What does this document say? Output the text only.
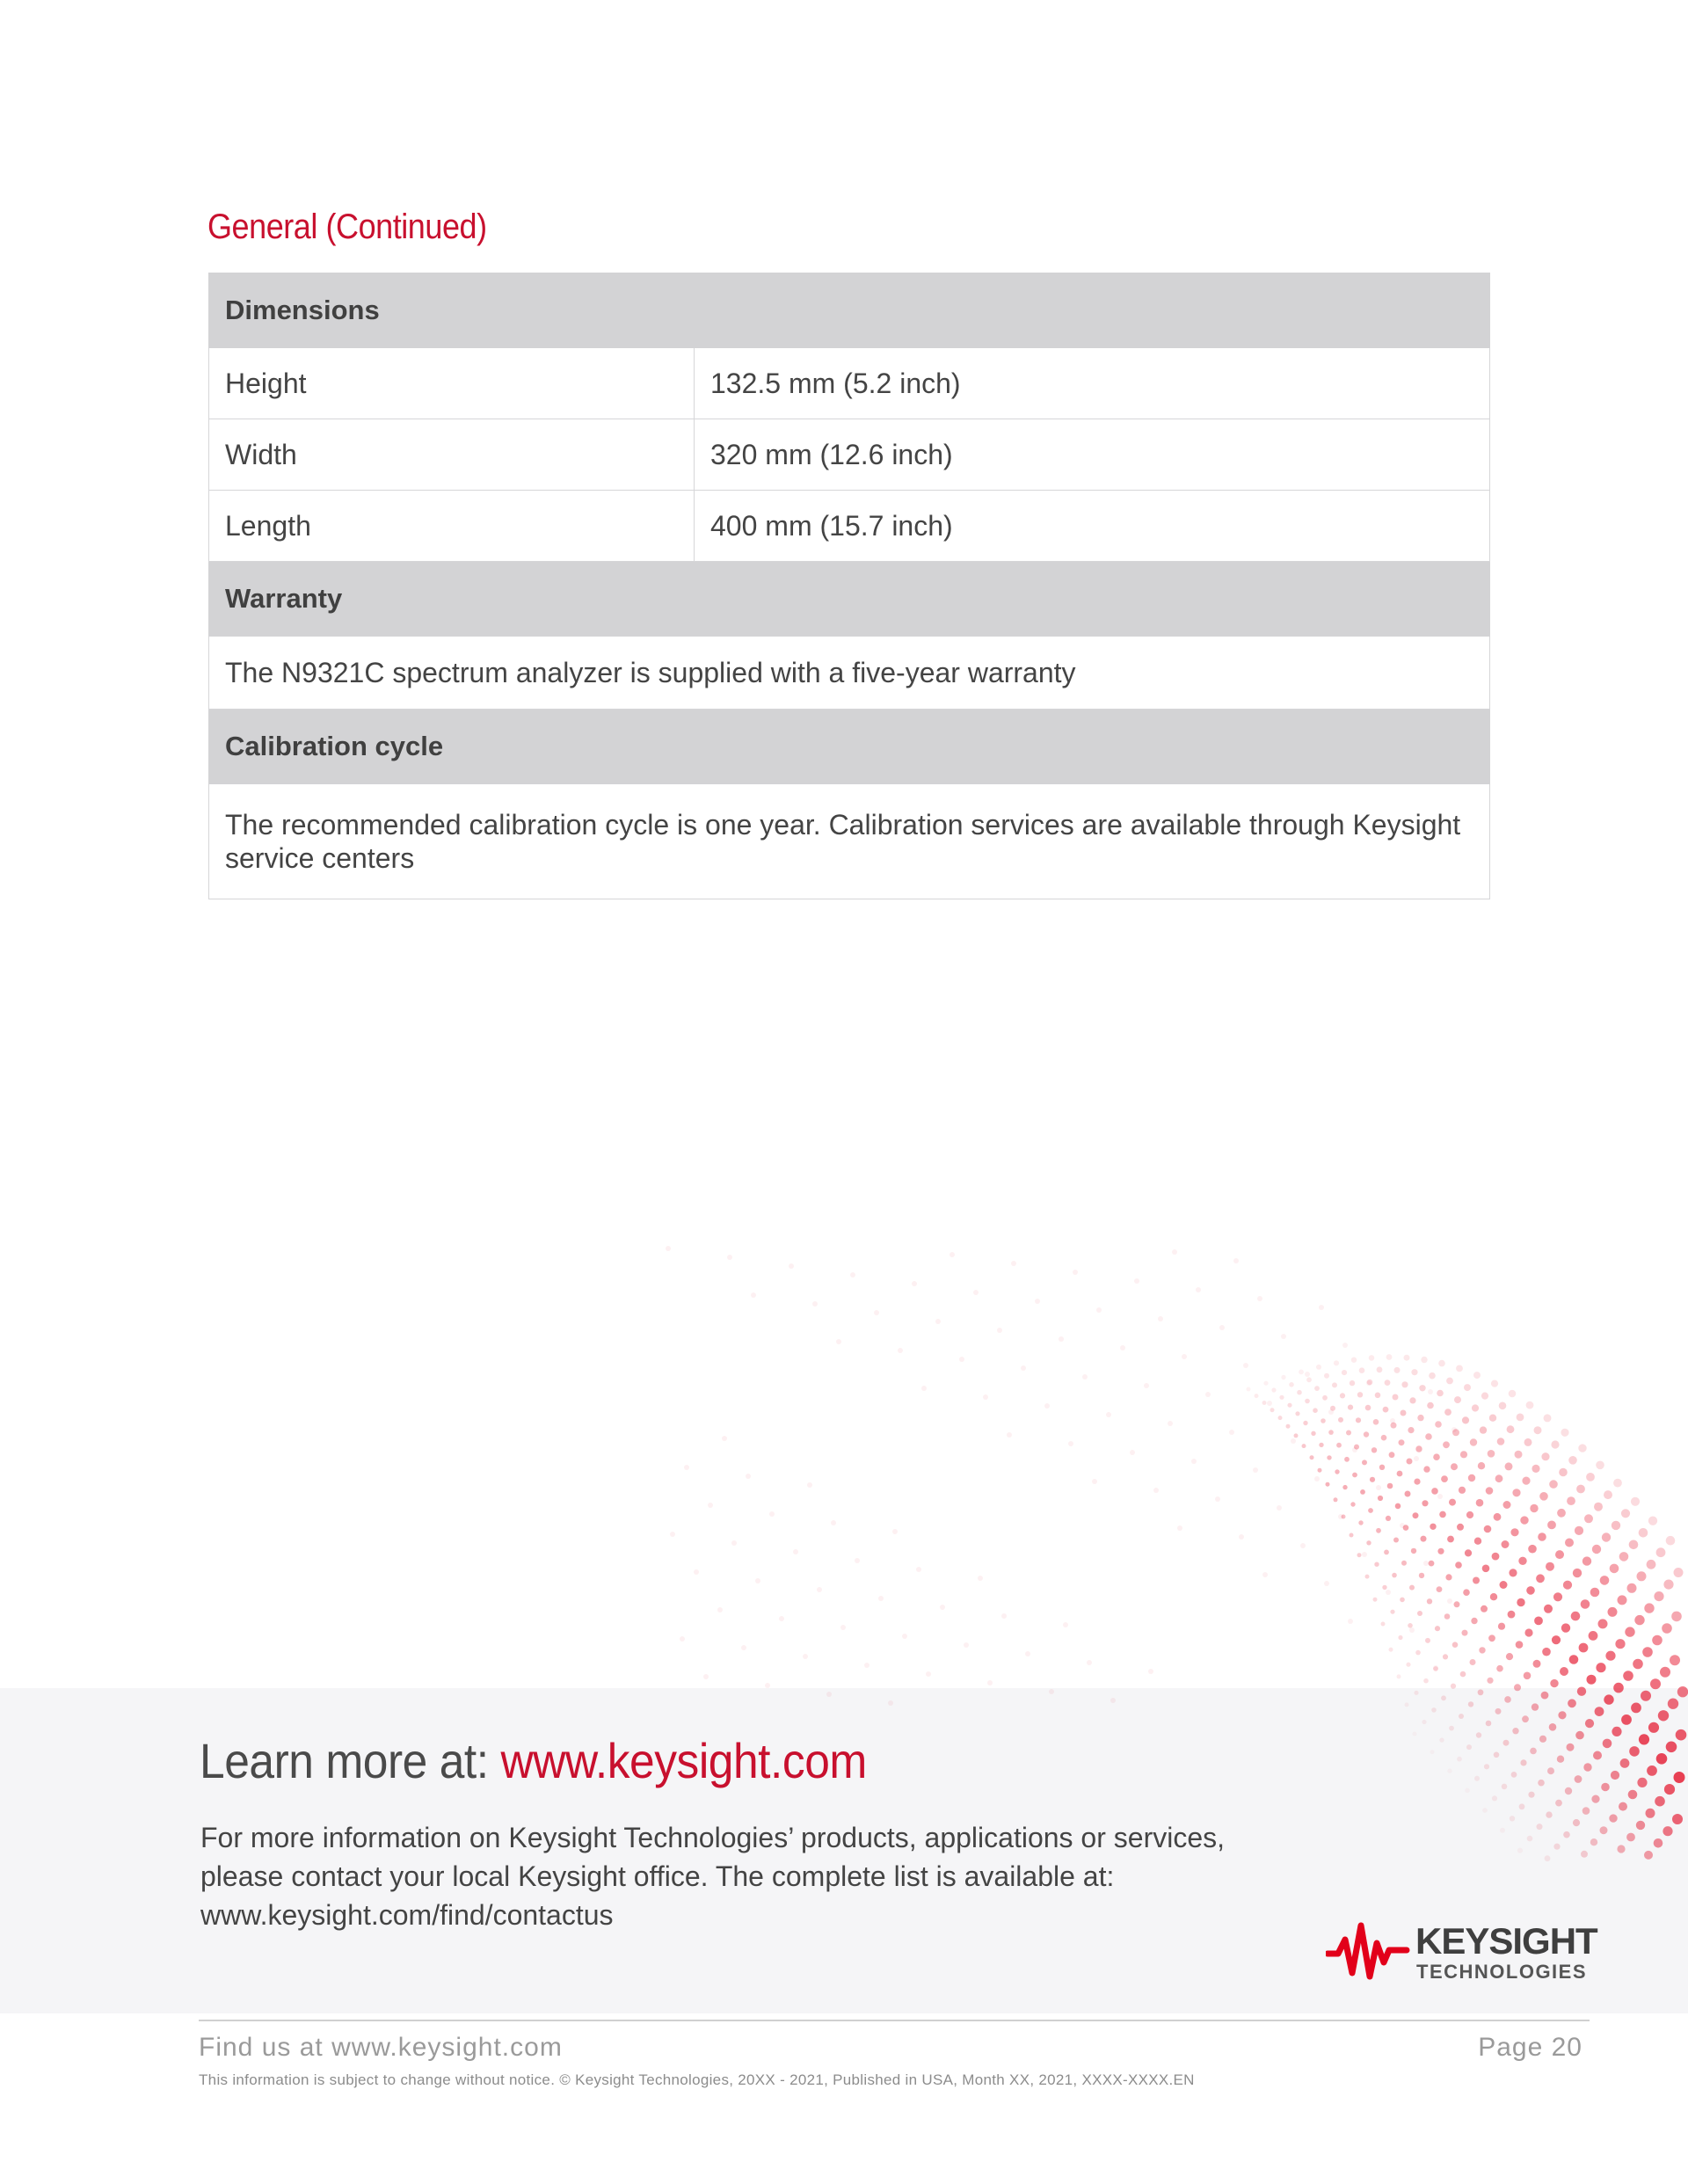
General (Continued)
Dimensions	
Height	132.5 mm (5.2 inch)
Width	320 mm (12.6 inch)
Length	400 mm (15.7 inch)
Warranty	
The N9321C spectrum analyzer is supplied with a five-year warranty	
Calibration cycle	

The recommended calibration cycle is one year. Calibration services are available through Keysight
service centers	
Learn more at: www.keysight.com
For more information on Keysight Technologies’ products, applications or services,
please contact your local Keysight office. The complete list is available at:
www.keysight.com/find/contactus
KEYSIGHT
TECHNOLOGIES
Find us at www.keysight.com	Page 20
This information is subject to change without notice. © Keysight Technologies, 20XX - 2021, Published in USA, Month XX, 2021, XXXX-XXXX.EN
